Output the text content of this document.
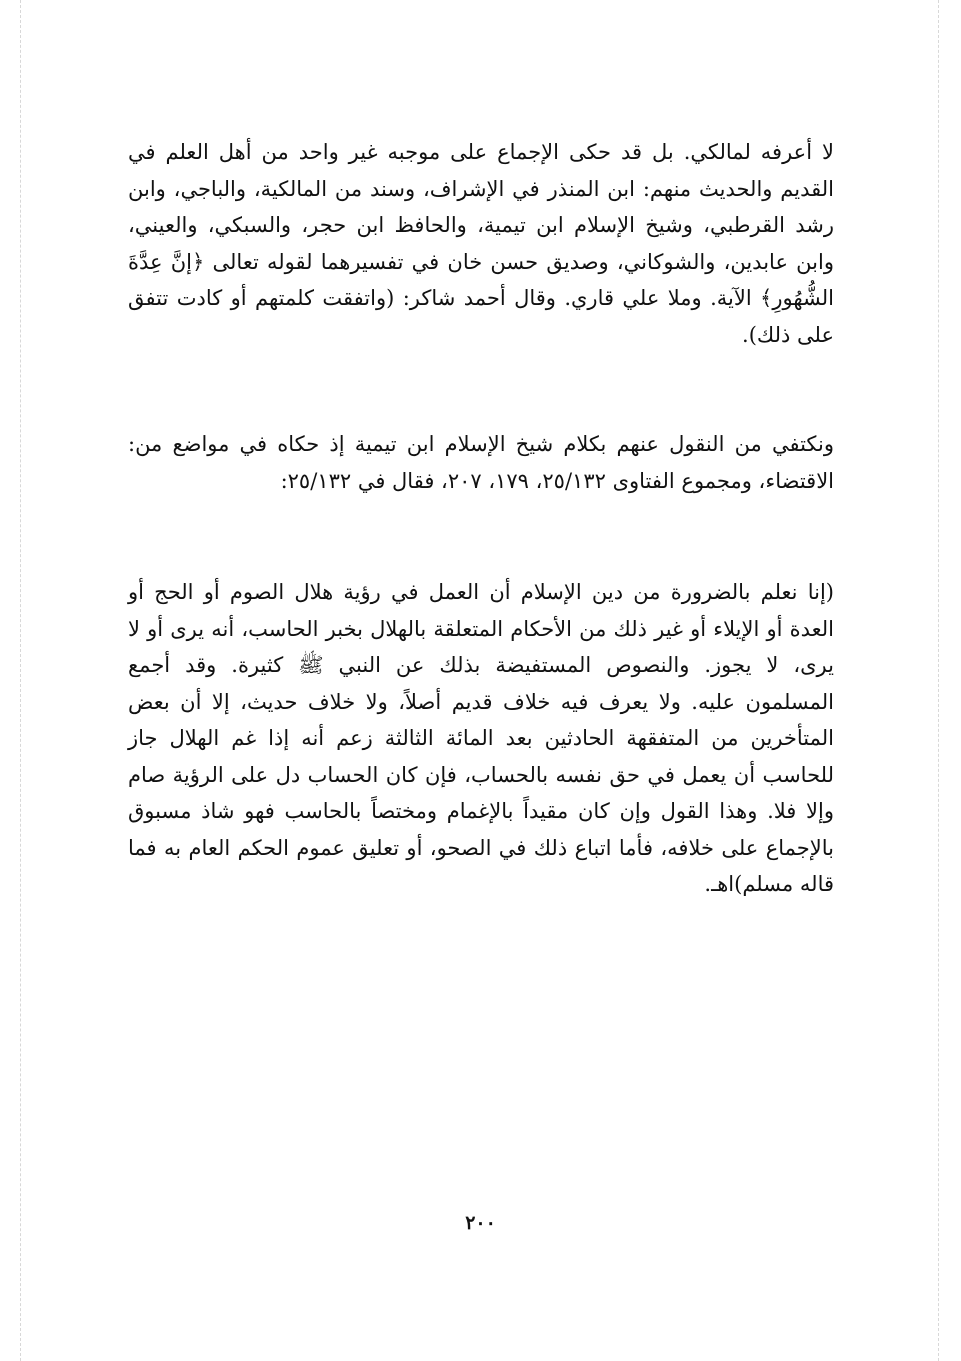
لا أعرفه لمالكي. بل قد حكى الإجماع على موجبه غير واحد من أهل العلم في القديم والحديث منهم: ابن المنذر في الإشراف، وسند من المالكية، والباجي، وابن رشد القرطبي، وشيخ الإسلام ابن تيمية، والحافظ ابن حجر، والسبكي، والعيني، وابن عابدين، والشوكاني، وصديق حسن خان في تفسيرهما لقوله تعالى ﴿إنَّ عِدَّةَ الشُّهُورِ﴾ الآية. وملا علي قاري. وقال أحمد شاكر: (واتفقت كلمتهم أو كادت تتفق على ذلك).

ونكتفي من النقول عنهم بكلام شيخ الإسلام ابن تيمية إذ حكاه في مواضع من: الاقتضاء، ومجموع الفتاوى ٢٥/١٣٢، ١٧٩، ٢٠٧، فقال في ٢٥/١٣٢:

(إنا نعلم بالضرورة من دين الإسلام أن العمل في رؤية هلال الصوم أو الحج أو العدة أو الإيلاء أو غير ذلك من الأحكام المتعلقة بالهلال بخبر الحاسب، أنه يرى أو لا يرى، لا يجوز. والنصوص المستفيضة بذلك عن النبي ﷺ كثيرة. وقد أجمع المسلمون عليه. ولا يعرف فيه خلاف قديم أصلاً، ولا خلاف حديث، إلا أن بعض المتأخرين من المتفقهة الحادثين بعد المائة الثالثة زعم أنه إذا غم الهلال جاز للحاسب أن يعمل في حق نفسه بالحساب، فإن كان الحساب دل على الرؤية صام وإلا فلا. وهذا القول وإن كان مقيداً بالإغمام ومختصاً بالحاسب فهو شاذ مسبوق بالإجماع على خلافه، فأما اتباع ذلك في الصحو، أو تعليق عموم الحكم العام به فما قاله مسلم)اهـ.

٢٠٠
